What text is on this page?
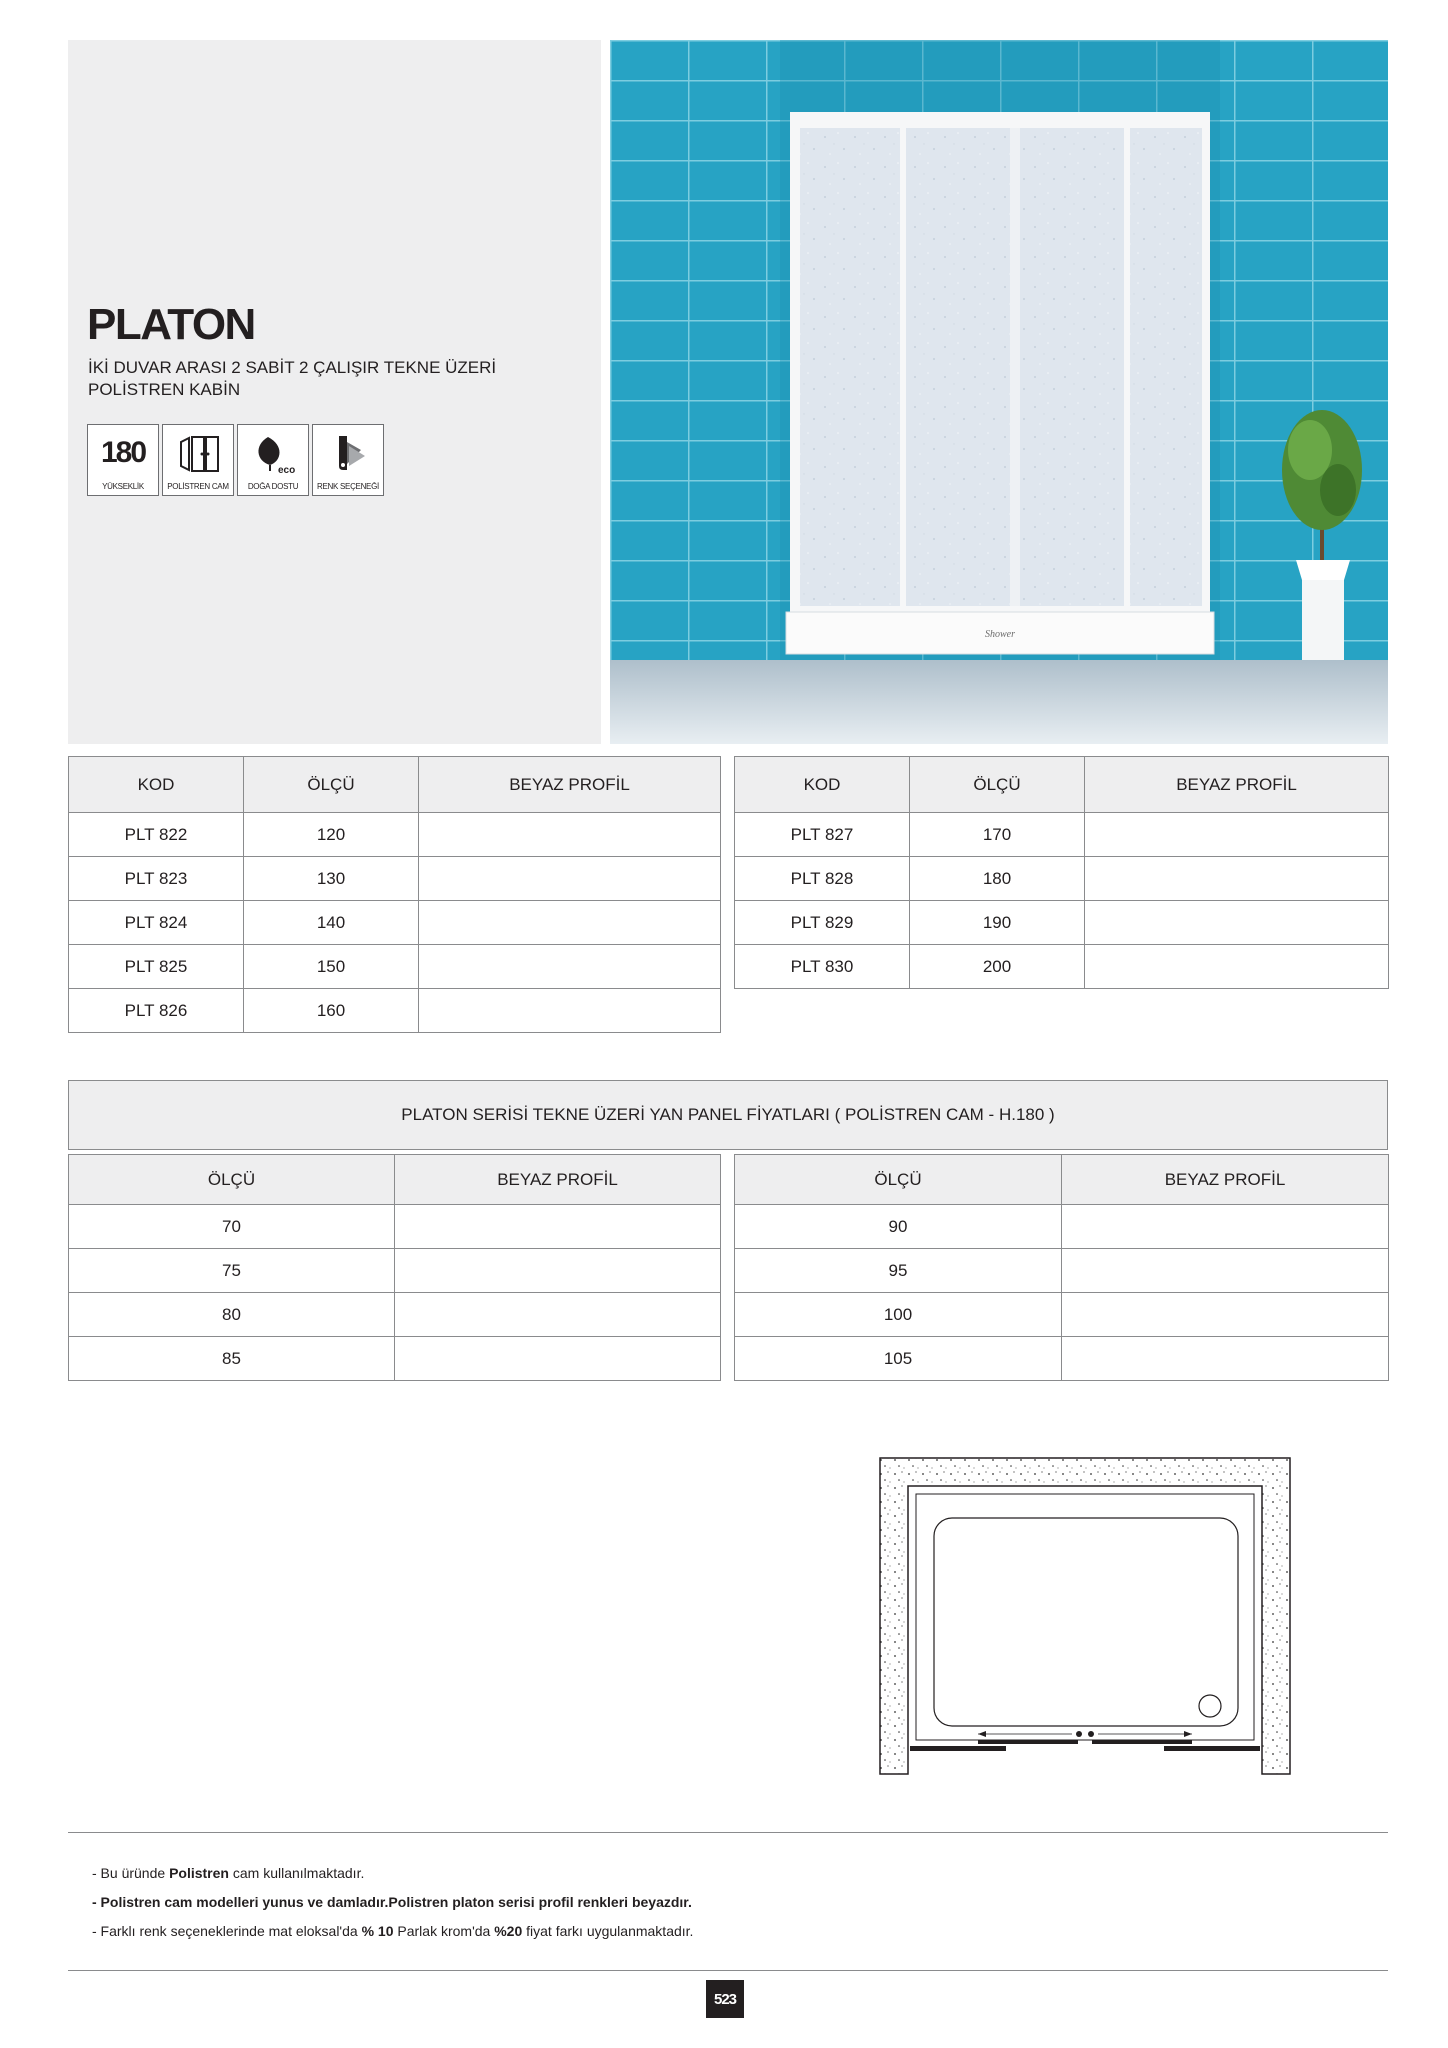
PLATON
İKİ DUVAR ARASI 2 SABİT 2 ÇALIŞIR TEKNE ÜZERİ
POLİSTREN KABİN
180
YÜKSEKLİK	POLİSTREN CAM
eco
DOĞA DOSTU	RENK SEÇENEĞİ
Shower
KOD	ÖLÇÜ	BEYAZ PROFİL
PLT 822	120	
PLT 823	130	
PLT 824	140	
PLT 825	150	
PLT 826	160	
KOD	ÖLÇÜ	BEYAZ PROFİL
PLT 827	170	
PLT 828	180	
PLT 829	190	
PLT 830	200	
PLATON SERİSİ TEKNE ÜZERİ YAN PANEL FİYATLARI ( POLİSTREN CAM - H.180 )
ÖLÇÜ	BEYAZ PROFİL
70	
75	
80	
85	
ÖLÇÜ	BEYAZ PROFİL
90	
95	
100	
105	
- Bu üründe Polistren cam kullanılmaktadır.
- Polistren cam modelleri yunus ve damladır.Polistren platon serisi profil renkleri beyazdır.
- Farklı renk seçeneklerinde mat eloksal'da % 10 Parlak krom'da %20 fiyat farkı uygulanmaktadır.
523
